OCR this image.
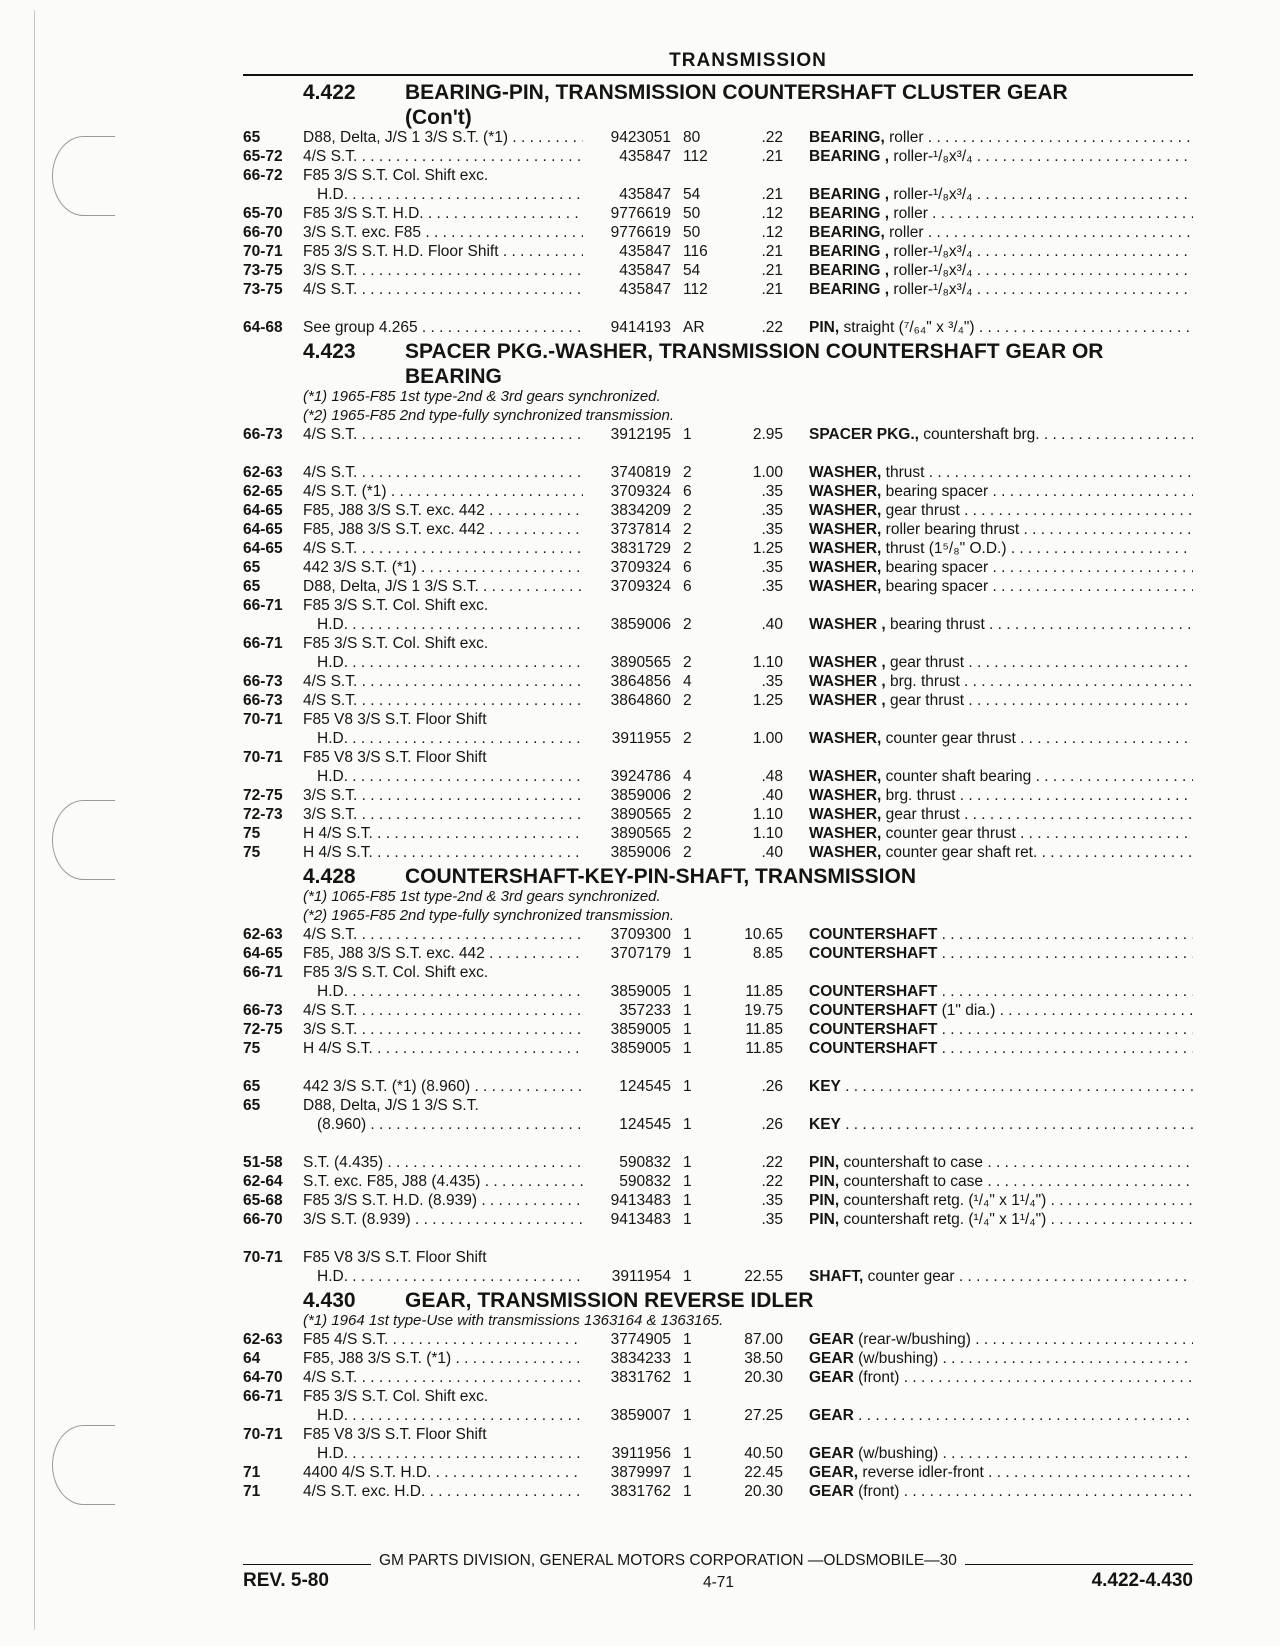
TRANSMISSION
4.422	BEARING-PIN, TRANSMISSION COUNTERSHAFT CLUSTER GEAR
(Con't)
65	D88, Delta, J/S 1 3/S S.T. (*1) . . .	9423051 80	.22	BEARING, roller . . .
65-72	4/S S.T. . . .	435847 112	.21	BEARING , roller-¹/₈x³/₄ . . .
66-72	F85 3/S S.T. Col. Shift exc.
H.D. . . .	435847 54	.21	BEARING , roller-¹/₈x³/₄ . . .
65-70	F85 3/S S.T. H.D. . . .	9776619 50	.12	BEARING , roller . . .
66-70	3/S S.T. exc. F85 . . .	9776619 50	.12	BEARING, roller . . .
70-71	F85 3/S S.T. H.D. Floor Shift . . .	435847 116	.21	BEARING , roller-¹/₈x³/₄ . . .
73-75	3/S S.T. . . .	435847 54	.21	BEARING , roller-¹/₈x³/₄ . . .
73-75	4/S S.T. . . .	435847 112	.21	BEARING , roller-¹/₈x³/₄ . . .
64-68	See group 4.265 . . .	9414193 AR	.22	PIN, straight (⁷/₆₄" x ³/₄") . . .
4.423	SPACER PKG.-WASHER, TRANSMISSION COUNTERSHAFT GEAR OR
BEARING
(*1) 1965-F85 1st type-2nd & 3rd gears synchronized.
(*2) 1965-F85 2nd type-fully synchronized transmission.
66-73	4/S S.T. . . .	3912195 1	2.95	SPACER PKG., countershaft brg. . . .
62-63	4/S S.T. . . .	3740819 2	1.00	WASHER, thrust . . .
62-65	4/S S.T. (*1) . . .	3709324 6	.35	WASHER, bearing spacer . . .
64-65	F85, J88 3/S S.T. exc. 442 . . .	3834209 2	.35	WASHER, gear thrust . . .
64-65	F85, J88 3/S S.T. exc. 442 . . .	3737814 2	.35	WASHER, roller bearing thrust . . .
64-65	4/S S.T. . . .	3831729 2	1.25	WASHER, thrust (1⁵/₈" O.D.) . . .
65	442 3/S S.T. (*1) . . .	3709324 6	.35	WASHER, bearing spacer . . .
65	D88, Delta, J/S 1 3/S S.T. . . .	3709324 6	.35	WASHER, bearing spacer . . .
66-71	F85 3/S S.T. Col. Shift exc.
H.D. . . .	3859006 2	.40	WASHER , bearing thrust . . .
66-71	F85 3/S S.T. Col. Shift exc.
H.D. . . .	3890565 2	1.10	WASHER , gear thrust . . .
66-73	4/S S.T. . . .	3864856 4	.35	WASHER , brg. thrust . . .
66-73	4/S S.T. . . .	3864860 2	1.25	WASHER , gear thrust . . .
70-71	F85 V8 3/S S.T. Floor Shift
H.D. . . .	3911955 2	1.00	WASHER, counter gear thrust . . .
70-71	F85 V8 3/S S.T. Floor Shift
H.D. . . .	3924786 4	.48	WASHER, counter shaft bearing . . .
72-75	3/S S.T. . . .	3859006 2	.40	WASHER, brg. thrust . . .
72-73	3/S S.T. . . .	3890565 2	1.10	WASHER, gear thrust . . .
75	H 4/S S.T. . . .	3890565 2	1.10	WASHER, counter gear thrust . . .
75	H 4/S S.T. . . .	3859006 2	.40	WASHER, counter gear shaft ret. . . .
4.428	COUNTERSHAFT-KEY-PIN-SHAFT, TRANSMISSION
(*1) 1065-F85 1st type-2nd & 3rd gears synchronized.
(*2) 1965-F85 2nd type-fully synchronized transmission.
62-63	4/S S.T. . . .	3709300 1	10.65	COUNTERSHAFT . . .
64-65	F85, J88 3/S S.T. exc. 442 . . .	3707179 1	8.85	COUNTERSHAFT . . .
66-71	F85 3/S S.T. Col. Shift exc.
H.D. . . .	3859005 1	11.85	COUNTERSHAFT . . .
66-73	4/S S.T. . . .	357233 1	19.75	COUNTERSHAFT (1" dia.) . . .
72-75	3/S S.T. . . .	3859005 1	11.85	COUNTERSHAFT . . .
75	H 4/S S.T. . . .	3859005 1	11.85	COUNTERSHAFT . . .
65	442 3/S S.T. (*1) (8.960) . . .	124545 1	.26	KEY . . .
65	D88, Delta, J/S 1 3/S S.T.
(8.960) . . .	124545 1	.26	KEY . . .
51-58	S.T. (4.435) . . .	590832 1	.22	PIN, countershaft to case . . .
62-64	S.T. exc. F85, J88 (4.435) . . .	590832 1	.22	PIN, countershaft to case . . .
65-68	F85 3/S S.T. H.D. (8.939) . . .	9413483 1	.35	PIN, countershaft retg. (¹/₄" x 1¹/₄") . . .
66-70	3/S S.T. (8.939) . . .	9413483 1	.35	PIN, countershaft retg. (¹/₄" x 1¹/₄") . . .
70-71	F85 V8 3/S S.T. Floor Shift
H.D. . . .	3911954 1	22.55	SHAFT, counter gear . . .
4.430	GEAR, TRANSMISSION REVERSE IDLER
(*1) 1964 1st type-Use with transmissions 1363164 & 1363165.
62-63	F85 4/S S.T. . . .	3774905 1	87.00	GEAR (rear-w/bushing) . . .
64	F85, J88 3/S S.T. (*1) . . .	3834233 1	38.50	GEAR (w/bushing) . . .
64-70	4/S S.T. . . .	3831762 1	20.30	GEAR (front) . . .
66-71	F85 3/S S.T. Col. Shift exc.
H.D. . . .	3859007 1	27.25	GEAR . . .
70-71	F85 V8 3/S S.T. Floor Shift
H.D. . . .	3911956 1	40.50	GEAR (w/bushing) . . .
71	4400 4/S S.T. H.D. . . .	3879997 1	22.45	GEAR, reverse idler-front . . .
71	4/S S.T. exc. H.D. . . .	3831762 1	20.30	GEAR (front) . . .
GM PARTS DIVISION, GENERAL MOTORS CORPORATION —OLDSMOBILE—30
REV. 5-80	4-71	4.422-4.430
